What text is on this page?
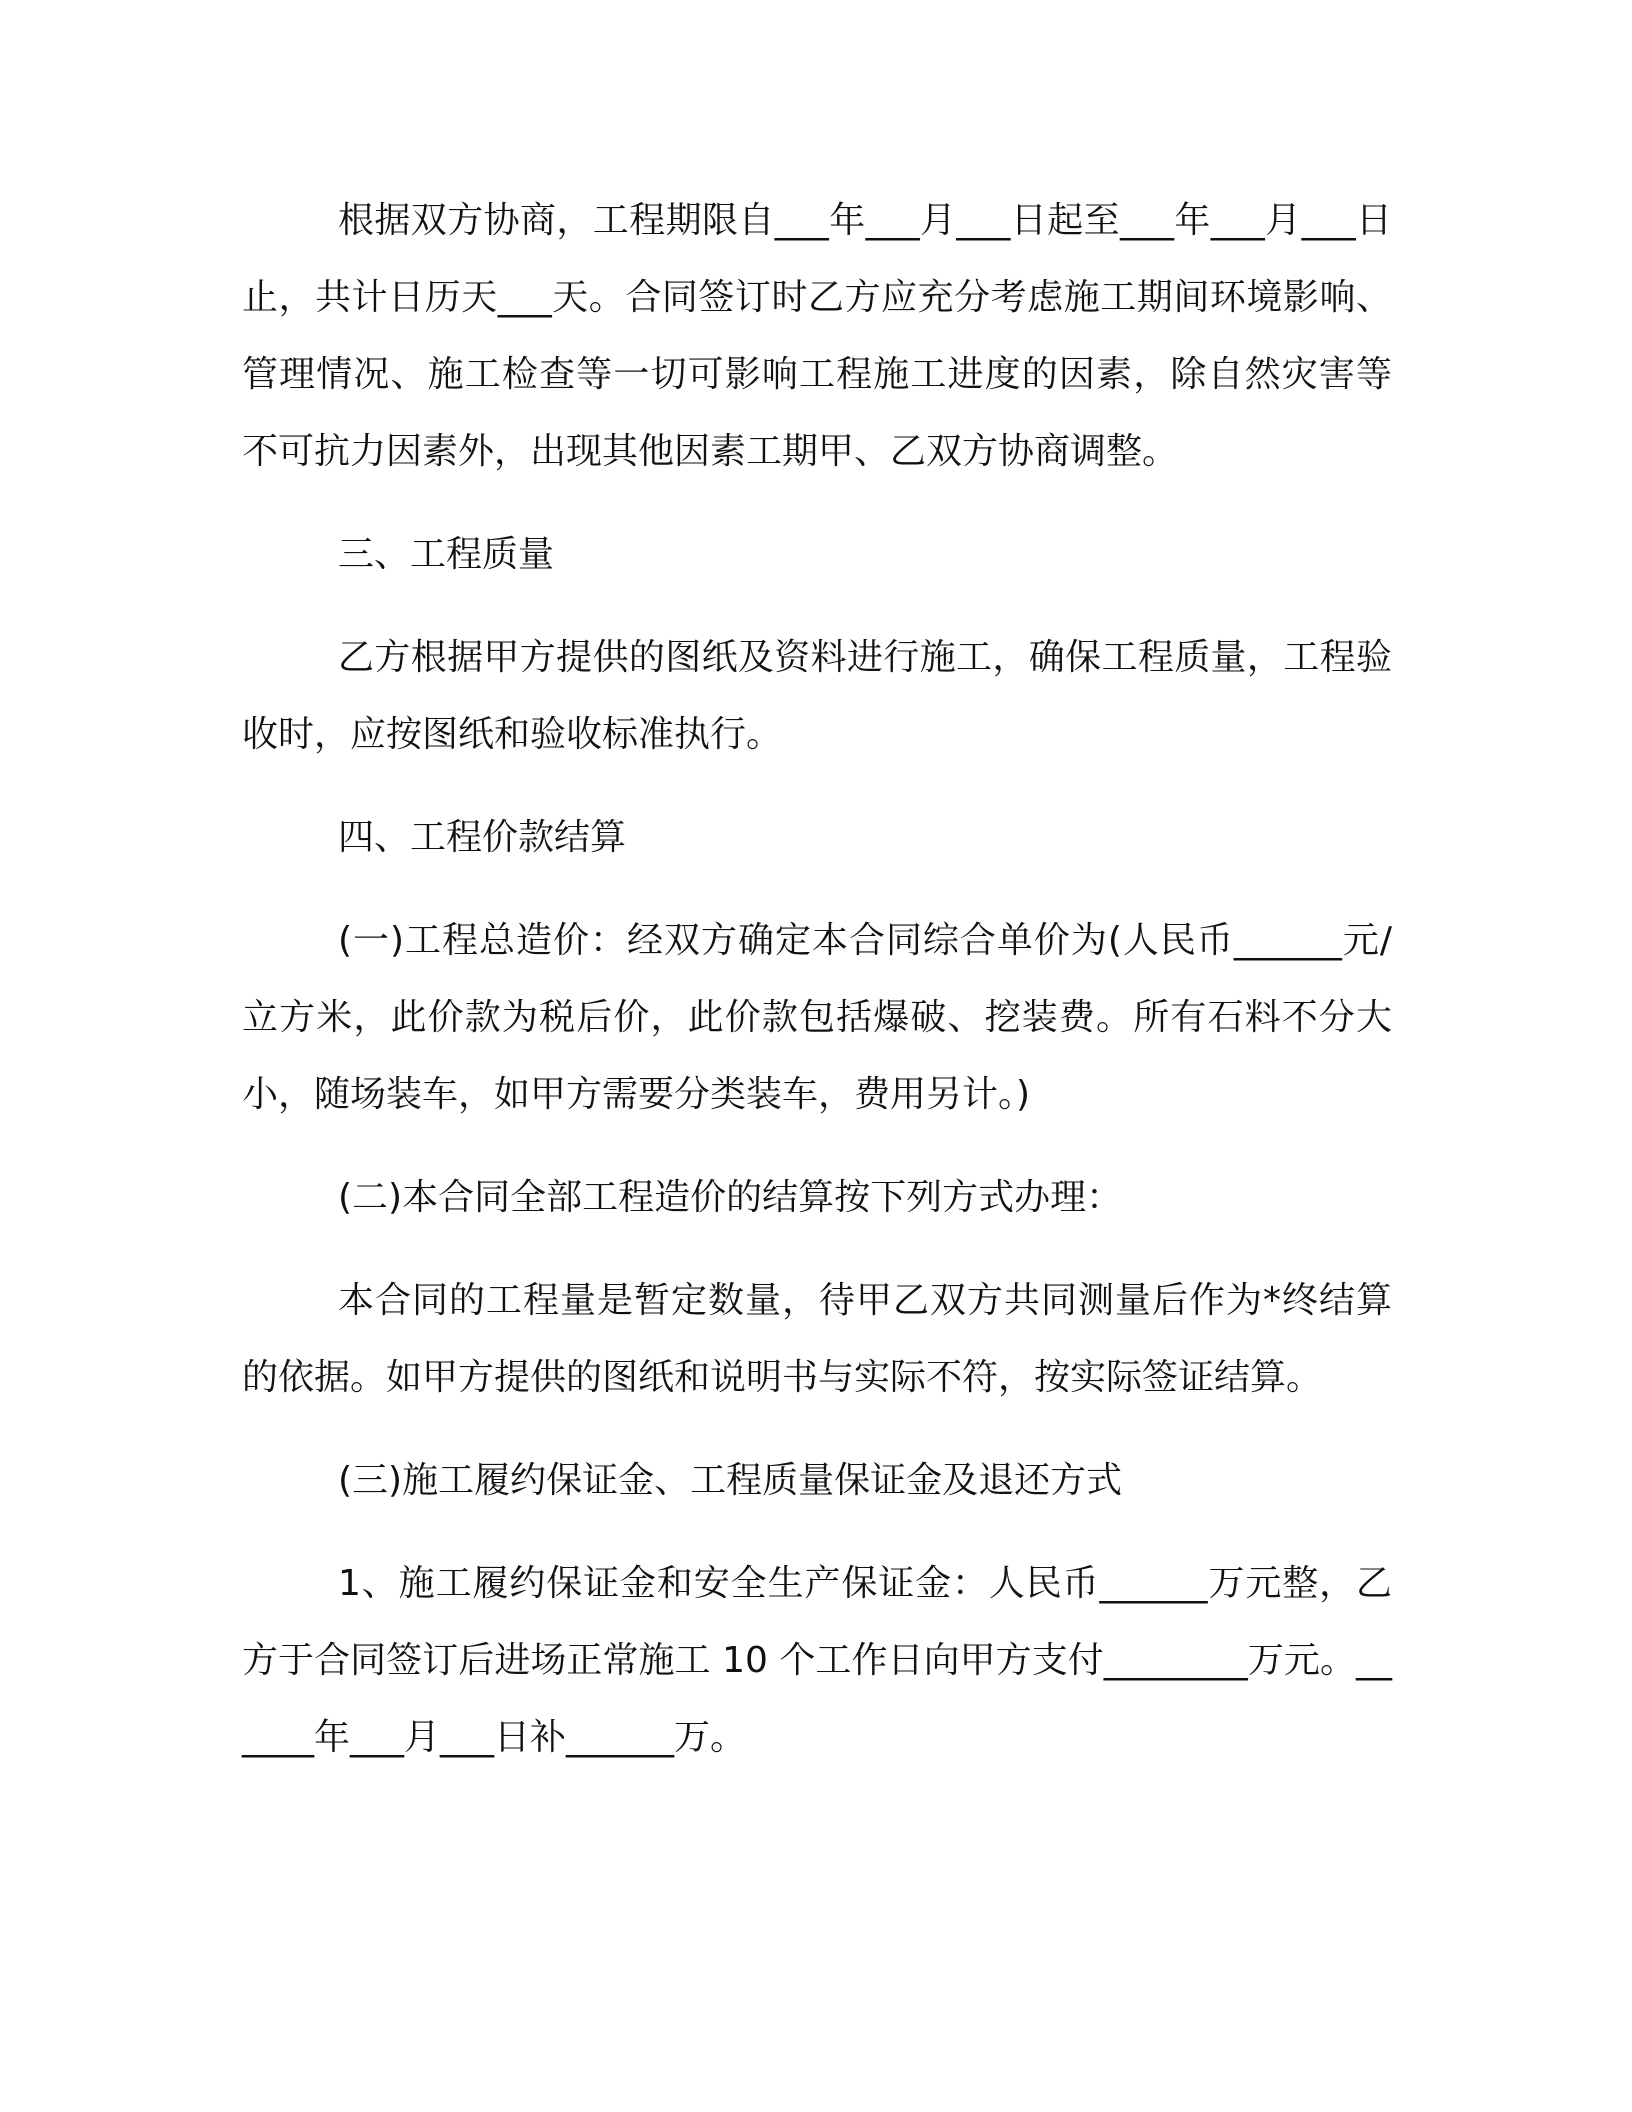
根据双方协商，工程期限自___年___月___日起至___年___月___日止，共计日历天___天。合同签订时乙方应充分考虑施工期间环境影响、管理情况、施工检查等一切可影响工程施工进度的因素，除自然灾害等不可抗力因素外，出现其他因素工期甲、乙双方协商调整。

三、工程质量

乙方根据甲方提供的图纸及资料进行施工，确保工程质量，工程验收时，应按图纸和验收标准执行。

四、工程价款结算

(一)工程总造价：经双方确定本合同综合单价为(人民币______元/立方米，此价款为税后价，此价款包括爆破、挖装费。所有石料不分大小，随场装车，如甲方需要分类装车，费用另计。)

(二)本合同全部工程造价的结算按下列方式办理：

本合同的工程量是暂定数量，待甲乙双方共同测量后作为*终结算的依据。如甲方提供的图纸和说明书与实际不符，按实际签证结算。

(三)施工履约保证金、工程质量保证金及退还方式

1、施工履约保证金和安全生产保证金：人民币______万元整，乙方于合同签订后进场正常施工 10 个工作日向甲方支付________万元。______年___月___日补______万。
